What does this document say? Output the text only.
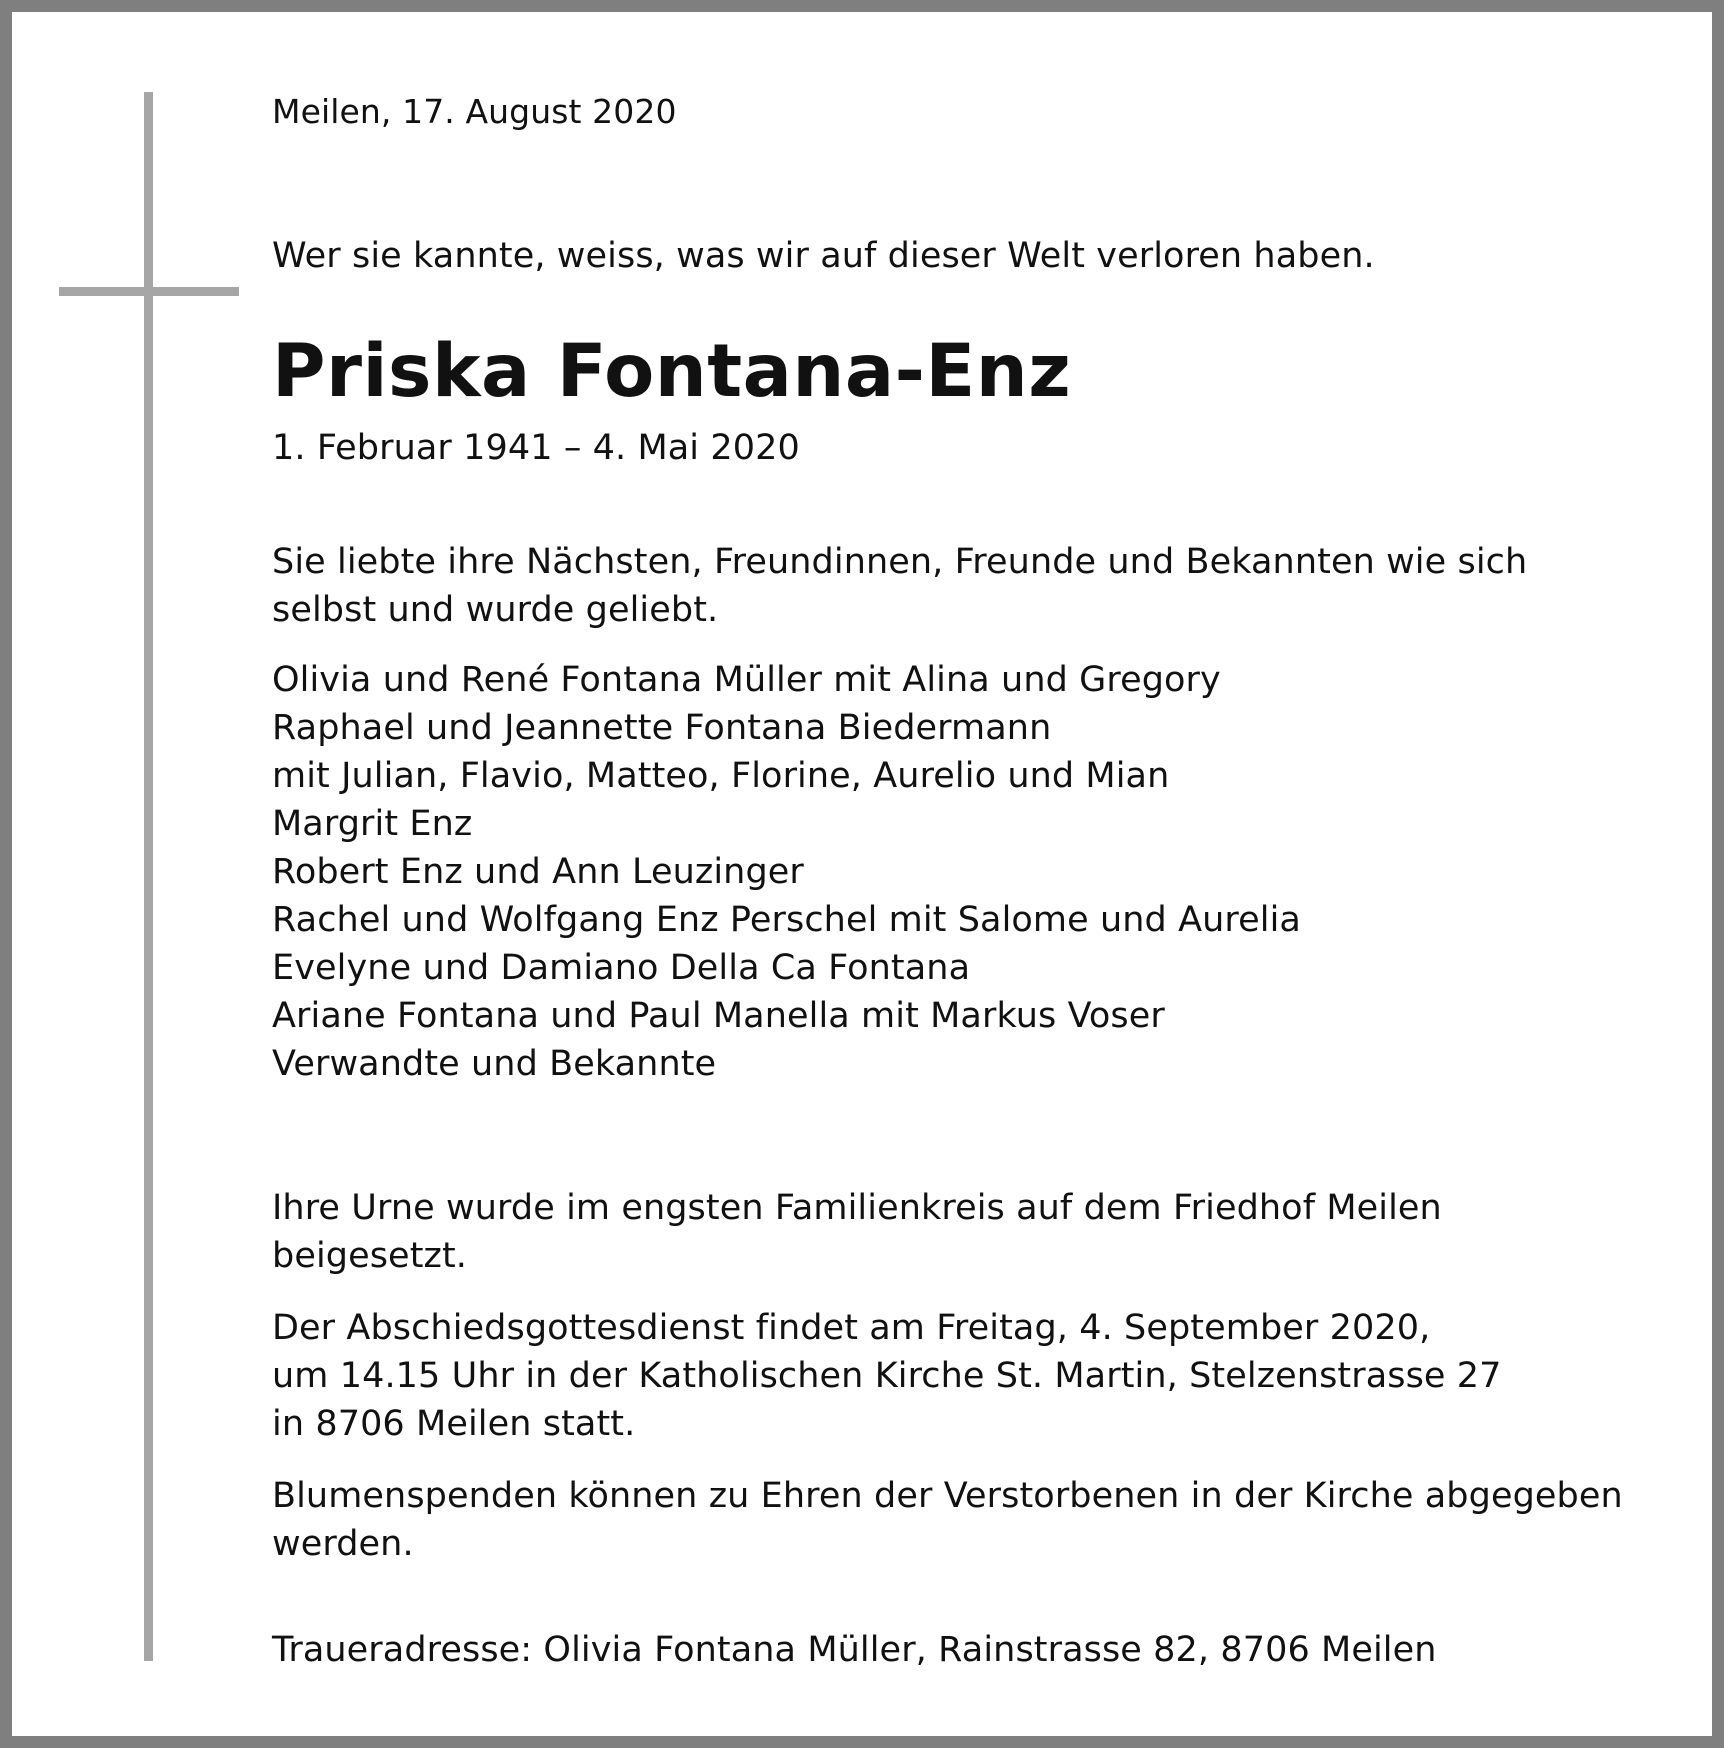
Meilen, 17. August 2020

Wer sie kannte, weiss, was wir auf dieser Welt verloren haben.

Priska Fontana-Enz

1. Februar 1941 – 4. Mai 2020

Sie liebte ihre Nächsten, Freundinnen, Freunde und Bekannten wie sich
selbst und wurde geliebt.
Olivia und René Fontana Müller mit Alina und Gregory
Raphael und Jeannette Fontana Biedermann
mit Julian, Flavio, Matteo, Florine, Aurelio und Mian
Margrit Enz
Robert Enz und Ann Leuzinger
Rachel und Wolfgang Enz Perschel mit Salome und Aurelia
Evelyne und Damiano Della Ca Fontana
Ariane Fontana und Paul Manella mit Markus Voser
Verwandte und Bekannte
Ihre Urne wurde im engsten Familienkreis auf dem Friedhof Meilen
beigesetzt.
Der Abschiedsgottesdienst findet am Freitag, 4. September 2020,
um 14.15 Uhr in der Katholischen Kirche St. Martin, Stelzenstrasse 27
in 8706 Meilen statt.
Blumenspenden können zu Ehren der Verstorbenen in der Kirche abgegeben
werden.

Traueradresse: Olivia Fontana Müller, Rainstrasse 82, 8706 Meilen
